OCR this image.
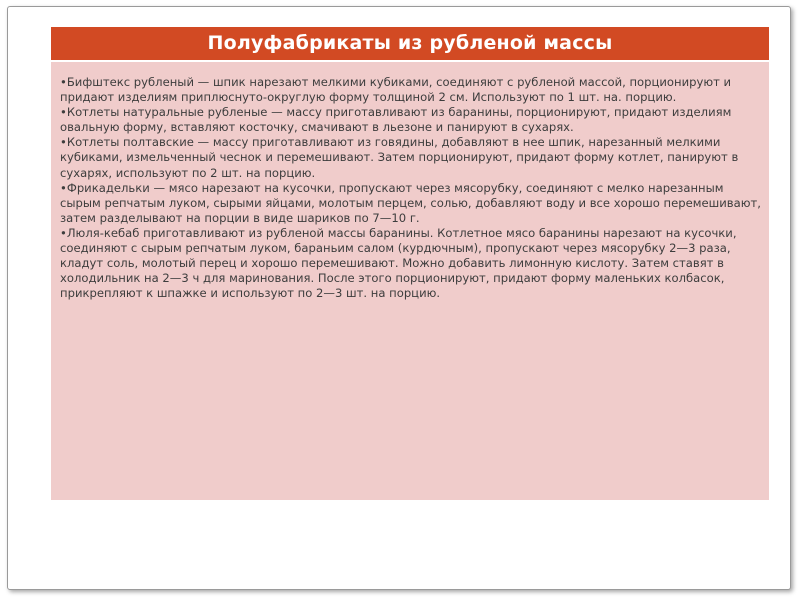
Полуфабрикаты из рубленой массы
•Бифштекс рубленый — шпик нарезают мелкими кубиками, соединяют с рубленой массой, порционируют и придают изделиям приплюснуто-округлую форму толщиной 2 см. Используют по 1 шт. на. порцию.
•Котлеты натуральные рубленые — массу приготавливают из баранины, порционируют, придают изделиям овальную форму, вставляют косточку, смачивают в льезоне и панируют в сухарях.
•Котлеты полтавские — массу приготавливают из говядины, добавляют в нее шпик, нарезанный мелкими кубиками, измельченный чеснок и перемешивают. Затем порционируют, придают форму котлет, панируют в сухарях, используют по 2 шт. на порцию.
•Фрикадельки — мясо нарезают на кусочки, пропускают через мясорубку, соединяют с мелко нарезанным сырым репчатым луком, сырыми яйцами, молотым перцем, солью, добавляют воду и все хорошо перемешивают, затем разделывают на порции в виде шариков по 7—10 г.
•Люля-кебаб приготавливают из рубленой массы баранины. Котлетное мясо баранины нарезают на кусочки, соединяют с сырым репчатым луком, бараньим салом (курдючным), пропускают через мясорубку 2—3 раза, кладут соль, молотый перец и хорошо перемешивают. Можно добавить лимонную кислоту. Затем ставят в холодильник на 2—3 ч для маринования. После этого порционируют, придают форму маленьких колбасок, прикрепляют к шпажке и используют по 2—3 шт. на порцию.
